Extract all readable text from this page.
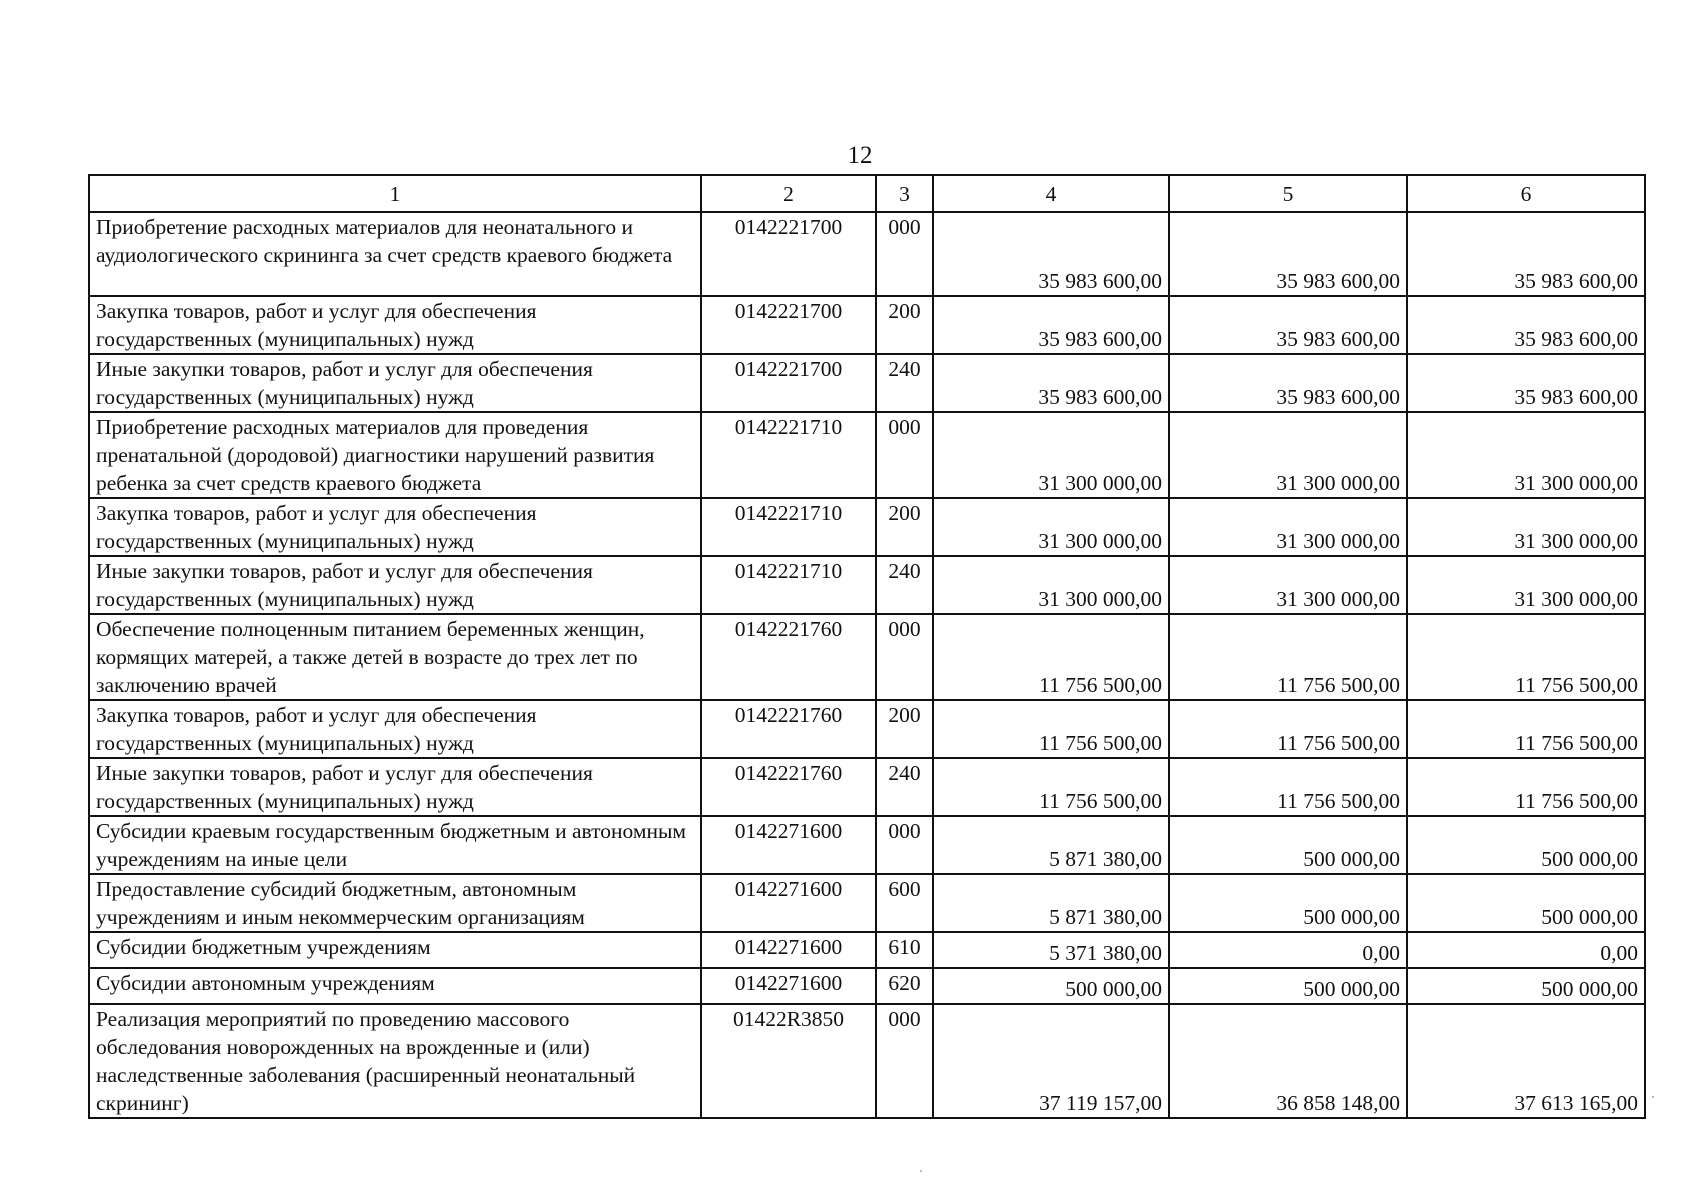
12
1	2	3	4	5	6
Приобретение расходных материалов для неонатального и аудиологического скрининга за счет средств краевого бюджета	0142221700	000	35 983 600,00	35 983 600,00	35 983 600,00
Закупка товаров, работ и услуг для обеспечения государственных (муниципальных) нужд	0142221700	200	35 983 600,00	35 983 600,00	35 983 600,00
Иные закупки товаров, работ и услуг для обеспечения государственных (муниципальных) нужд	0142221700	240	35 983 600,00	35 983 600,00	35 983 600,00
Приобретение расходных материалов для проведения пренатальной (дородовой) диагностики нарушений развития ребенка за счет средств краевого бюджета	0142221710	000	31 300 000,00	31 300 000,00	31 300 000,00
Закупка товаров, работ и услуг для обеспечения государственных (муниципальных) нужд	0142221710	200	31 300 000,00	31 300 000,00	31 300 000,00
Иные закупки товаров, работ и услуг для обеспечения государственных (муниципальных) нужд	0142221710	240	31 300 000,00	31 300 000,00	31 300 000,00
Обеспечение полноценным питанием беременных женщин, кормящих матерей, а также детей в возрасте до трех лет по заключению врачей	0142221760	000	11 756 500,00	11 756 500,00	11 756 500,00
Закупка товаров, работ и услуг для обеспечения государственных (муниципальных) нужд	0142221760	200	11 756 500,00	11 756 500,00	11 756 500,00
Иные закупки товаров, работ и услуг для обеспечения государственных (муниципальных) нужд	0142221760	240	11 756 500,00	11 756 500,00	11 756 500,00
Субсидии краевым государственным бюджетным и автономным учреждениям на иные цели	0142271600	000	5 871 380,00	500 000,00	500 000,00
Предоставление субсидий бюджетным, автономным учреждениям и иным некоммерческим организациям	0142271600	600	5 871 380,00	500 000,00	500 000,00
Субсидии бюджетным учреждениям	0142271600	610	5 371 380,00	0,00	0,00
Субсидии автономным учреждениям	0142271600	620	500 000,00	500 000,00	500 000,00
Реализация мероприятий по проведению массового обследования новорожденных на врожденные и (или) наследственные заболевания (расширенный неонатальный скрининг)	01422R3850	000	37 119 157,00	36 858 148,00	37 613 165,00
